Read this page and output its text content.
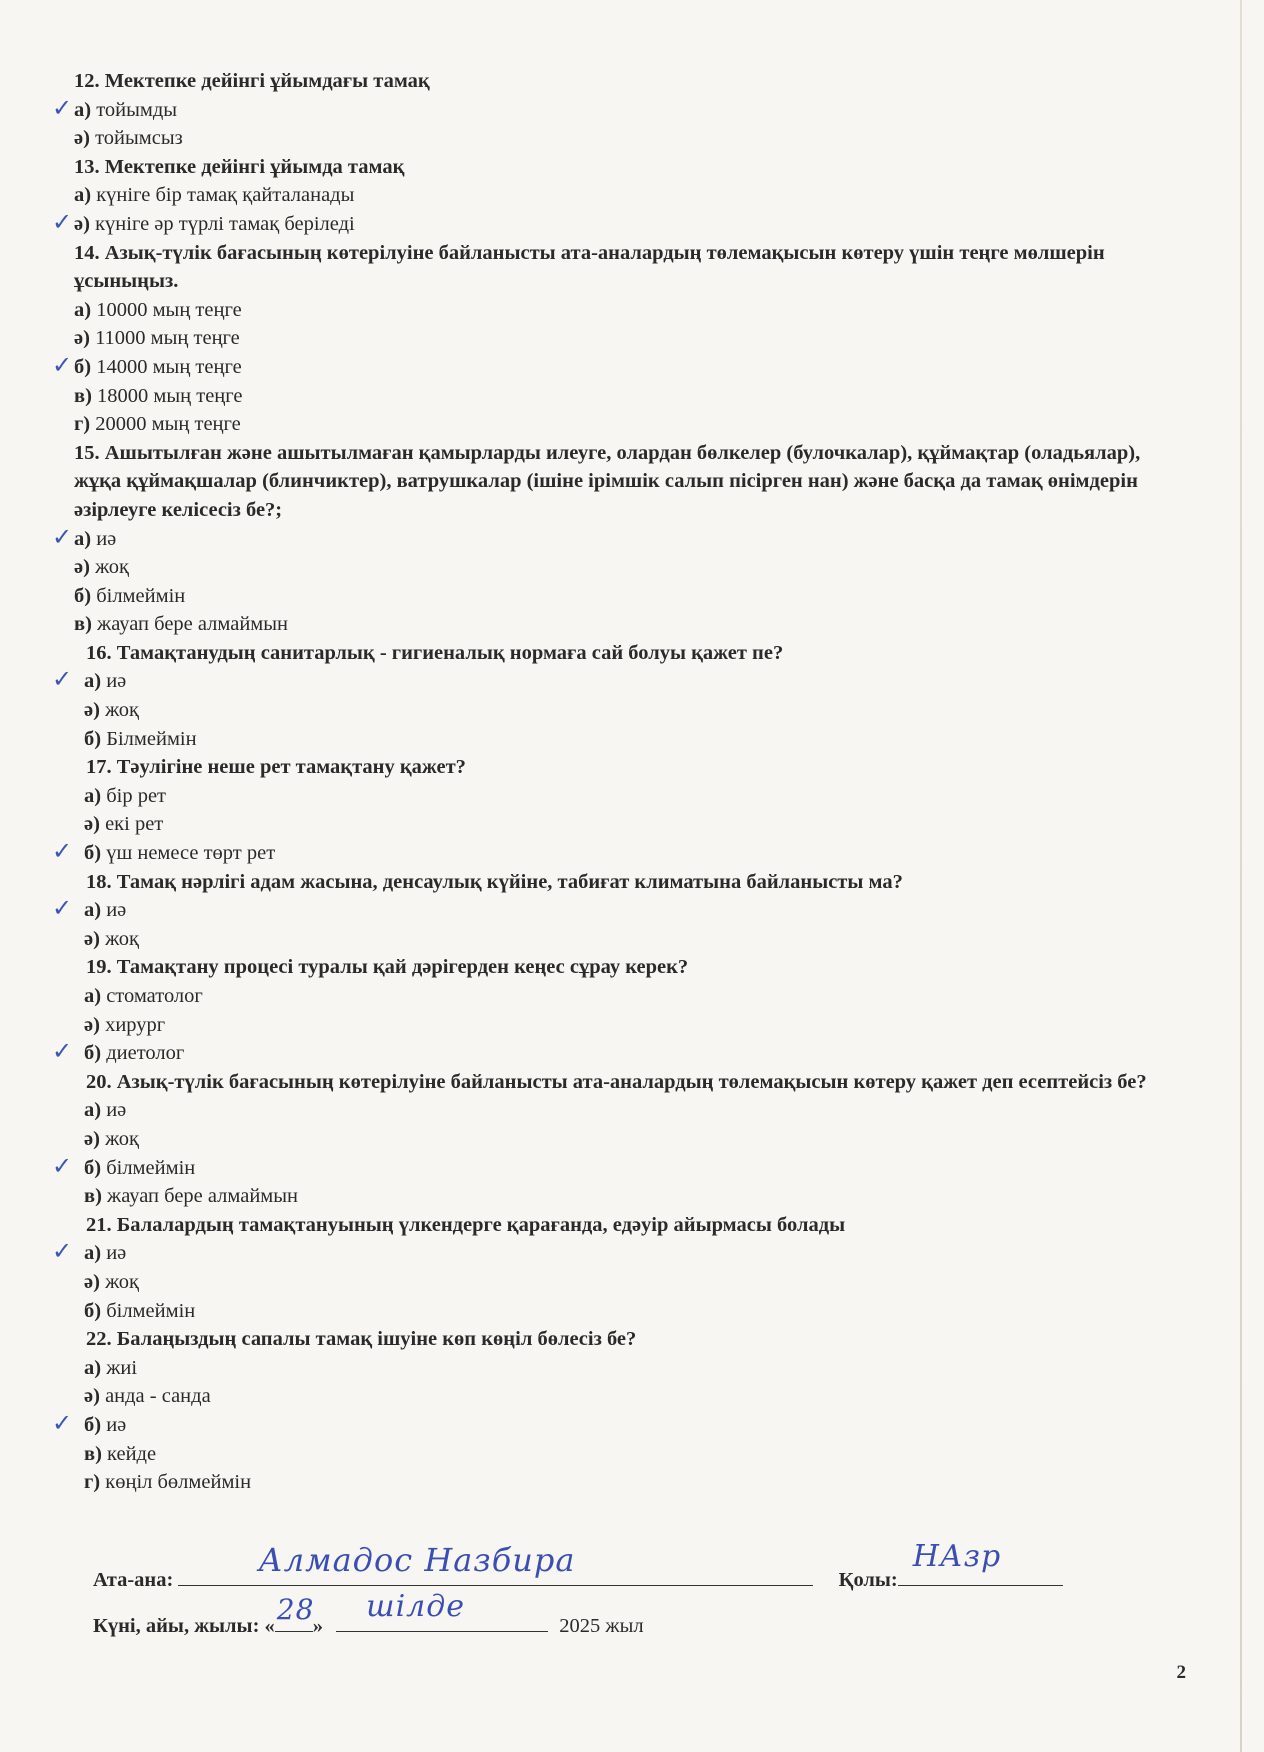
12. Мектепке дейінгі ұйымдағы тамақ

✓ а) тойымды

ә) тойымсыз

13. Мектепке дейінгі ұйымда тамақ

а) күніге бір тамақ қайталанады

✓ ә) күніге әр түрлі тамақ беріледі

14. Азық-түлік бағасының көтерілуіне байланысты ата-аналардың төлемақысын көтеру үшін теңге мөлшерін ұсыныңыз.

а) 10000 мың теңге

ә) 11000 мың теңге

✓ б) 14000 мың теңге

в) 18000 мың теңге

г) 20000 мың теңге

15. Ашытылған және ашытылмаған қамырларды илеуге, олардан бөлкелер (булочкалар), құймақтар (оладьялар), жұқа құймақшалар (блинчиктер), ватрушкалар (ішіне ірімшік салып пісірген нан) және басқа да тамақ өнімдерін әзірлеуге келісесіз бе?;

✓ а) иә

ә) жоқ

б) білмеймін

в) жауап бере алмаймын

16. Тамақтанудың санитарлық - гигиеналық нормаға сай болуы қажет пе?

✓ а) иә

ә) жоқ

б) Білмеймін

17. Тәулігіне неше рет тамақтану қажет?

а) бір рет

ә) екі рет

✓ б) үш немесе төрт рет

18. Тамақ нәрлігі адам жасына, денсаулық күйіне, табиғат климатына байланысты ма?

✓ а) иә

ә) жоқ

19. Тамақтану процесі туралы қай дәрігерден кеңес сұрау керек?

а) стоматолог

ә) хирург

✓ б) диетолог

20. Азық-түлік бағасының көтерілуіне байланысты ата-аналардың төлемақысын көтеру қажет деп есептейсіз бе?

а) иә

ә) жоқ

✓ б) білмеймін

в) жауап бере алмаймын

21. Балалардың тамақтануының үлкендерге қарағанда, едәуір айырмасы болады

✓ а) иә

ә) жоқ

б) білмеймін

22. Балаңыздың сапалы тамақ ішуіне көп көңіл бөлесіз бе?

а) жиі

ә) анда - санда

✓ б) иә

в) кейде

г) көңіл бөлмеймін

Ата-ана:
Алмадос Назбира
Қолы:
НАзр
Күні, айы, жылы: « 28
»
шілде
2025 жыл
2
